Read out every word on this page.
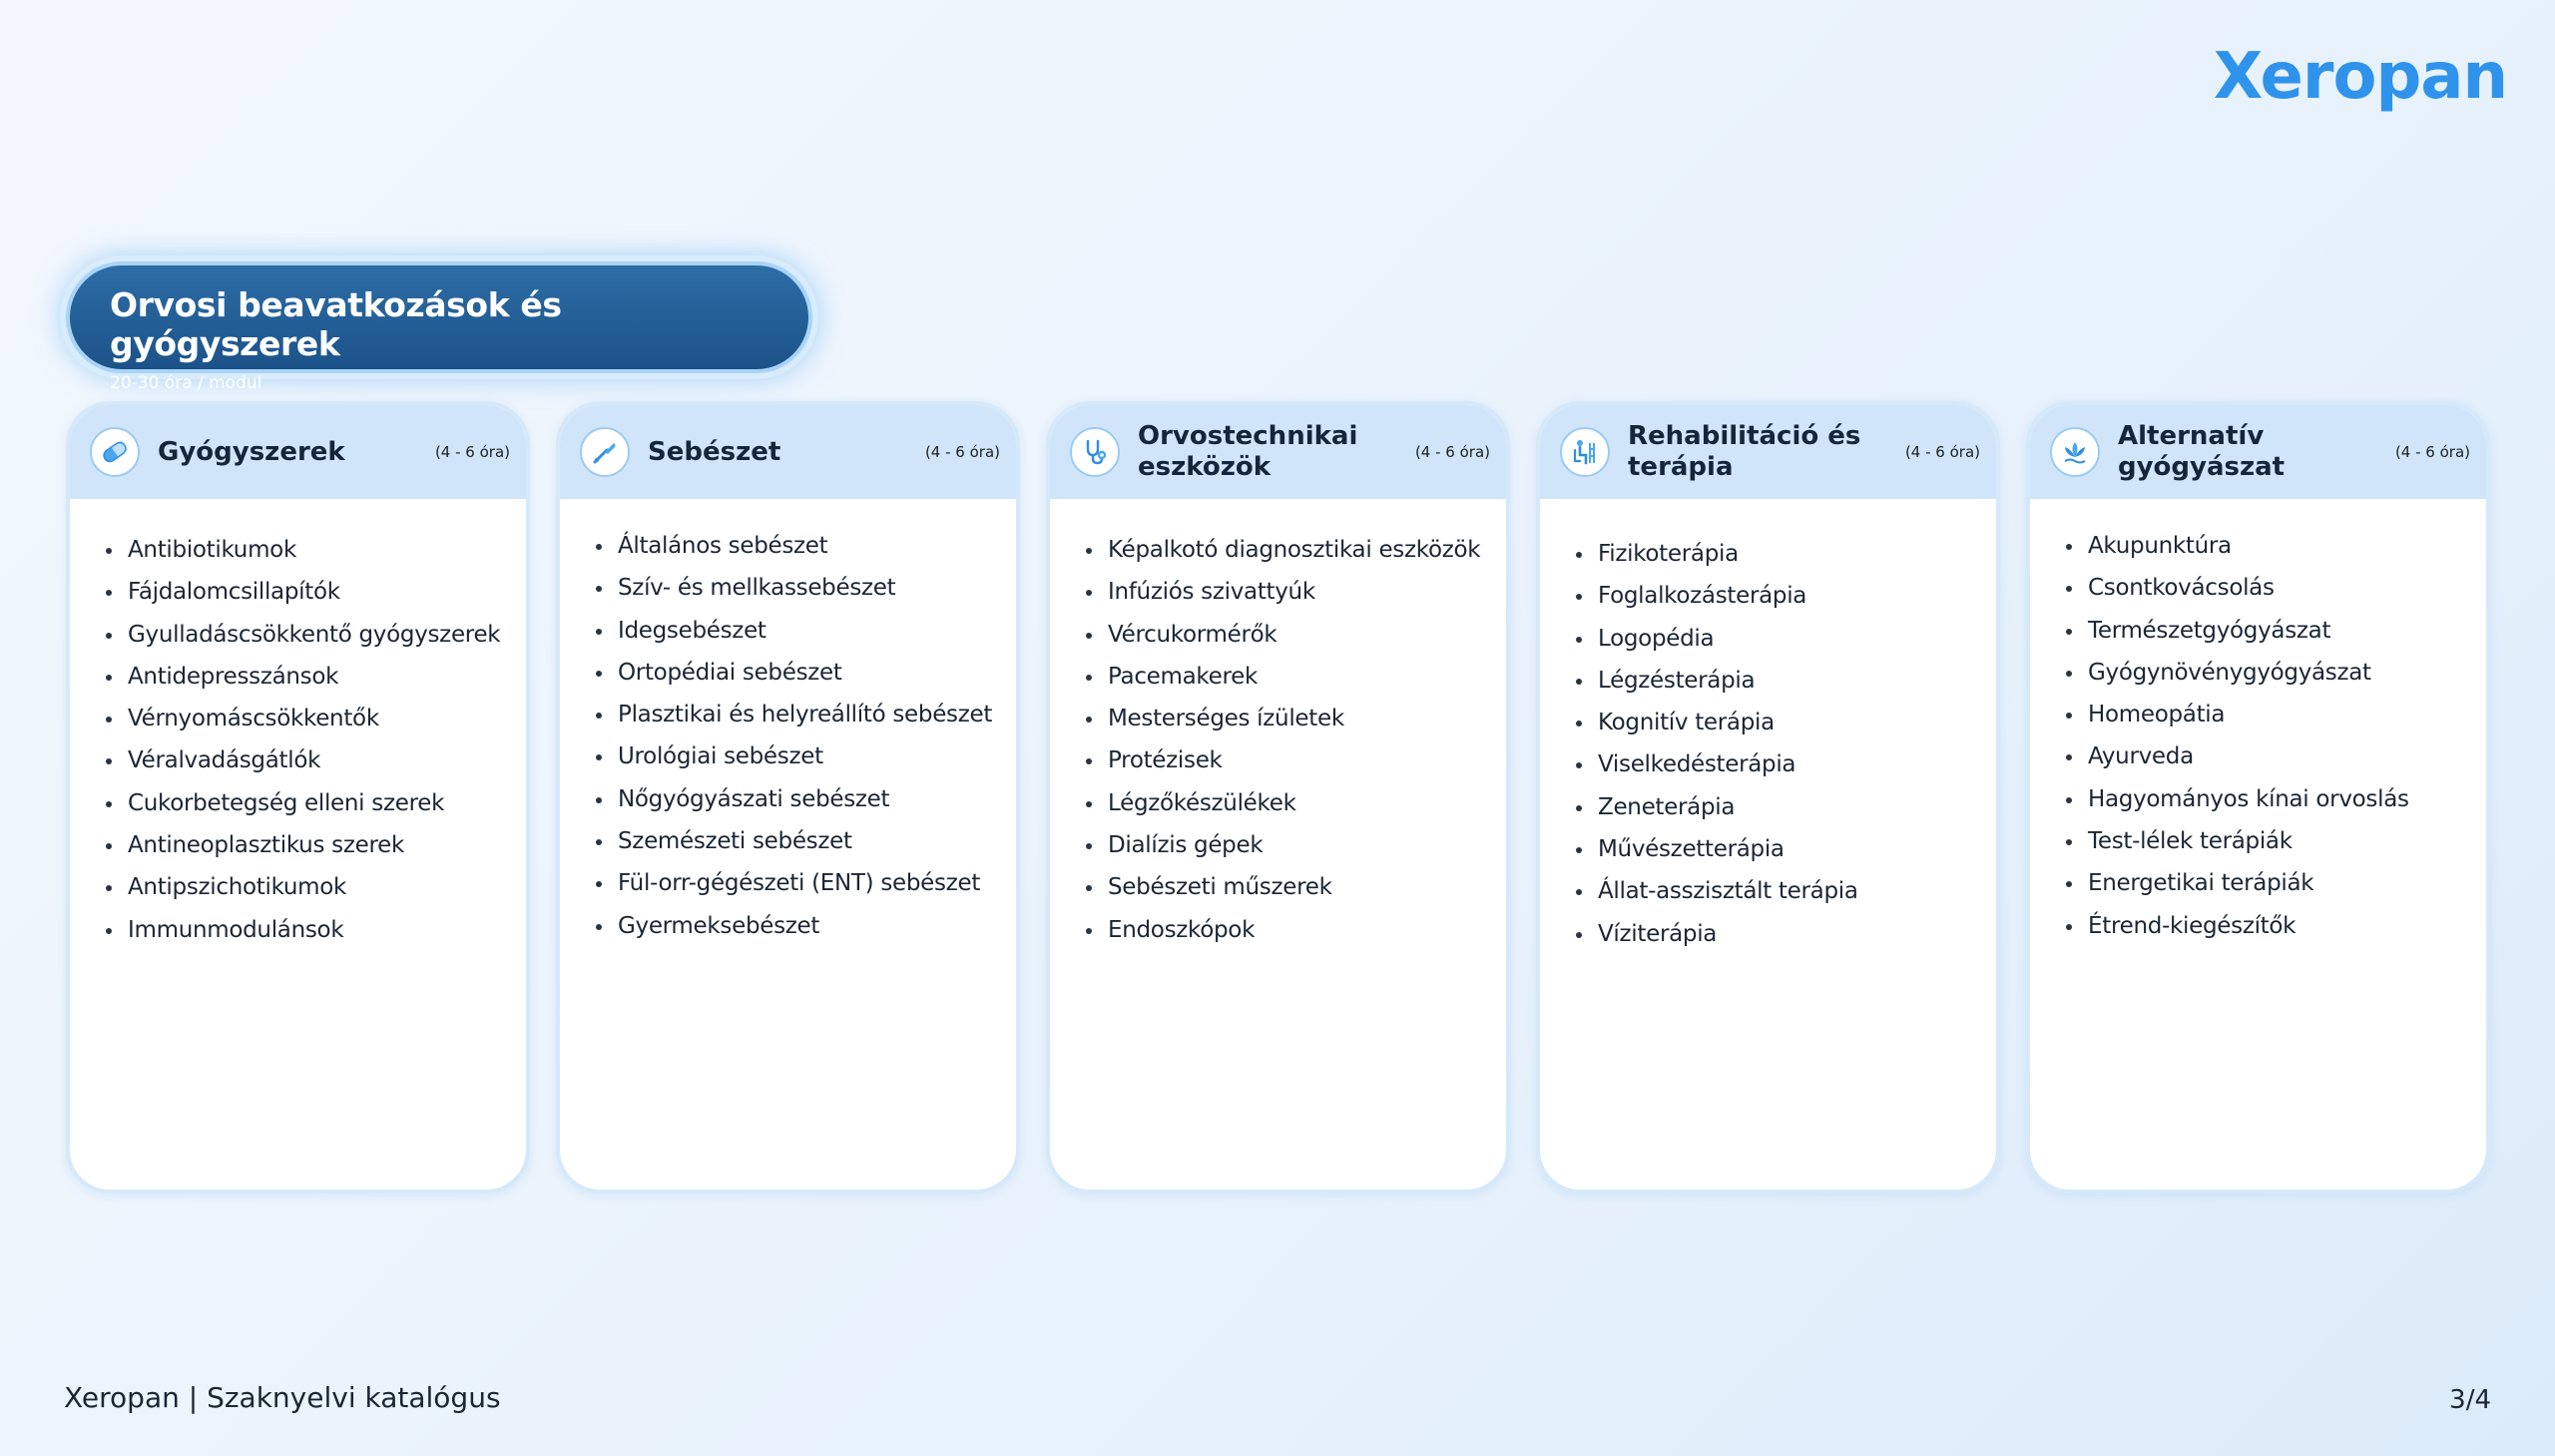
Xeropan
Orvosi beavatkozások és gyógyszerek
20-30 óra / modul
Gyógyszerek	(4 - 6 óra)
Antibiotikumok
Fájdalomcsillapítók
Gyulladáscsökkentő gyógyszerek
Antidepresszánsok
Vérnyomáscsökkentők
Véralvadásgátlók
Cukorbetegség elleni szerek
Antineoplasztikus szerek
Antipszichotikumok
Immunmodulánsok
Sebészet	(4 - 6 óra)
Általános sebészet
Szív- és mellkassebészet
Idegsebészet
Ortopédiai sebészet
Plasztikai és helyreállító sebészet
Urológiai sebészet
Nőgyógyászati sebészet
Szemészeti sebészet
Fül-orr-gégészeti (ENT) sebészet
Gyermeksebészet
Orvostechnikai eszközök	(4 - 6 óra)
Képalkotó diagnosztikai eszközök
Infúziós szivattyúk
Vércukormérők
Pacemakerek
Mesterséges ízületek
Protézisek
Légzőkészülékek
Dialízis gépek
Sebészeti műszerek
Endoszkópok
Rehabilitáció és terápia	(4 - 6 óra)
Fizikoterápia
Foglalkozásterápia
Logopédia
Légzésterápia
Kognitív terápia
Viselkedésterápia
Zeneterápia
Művészetterápia
Állat-asszisztált terápia
Víziterápia
Alternatív gyógyászat	(4 - 6 óra)
Akupunktúra
Csontkovácsolás
Természetgyógyászat
Gyógynövénygyógyászat
Homeopátia
Ayurveda
Hagyományos kínai orvoslás
Test-lélek terápiák
Energetikai terápiák
Étrend-kiegészítők
Xeropan | Szaknyelvi katalógus	3/4
